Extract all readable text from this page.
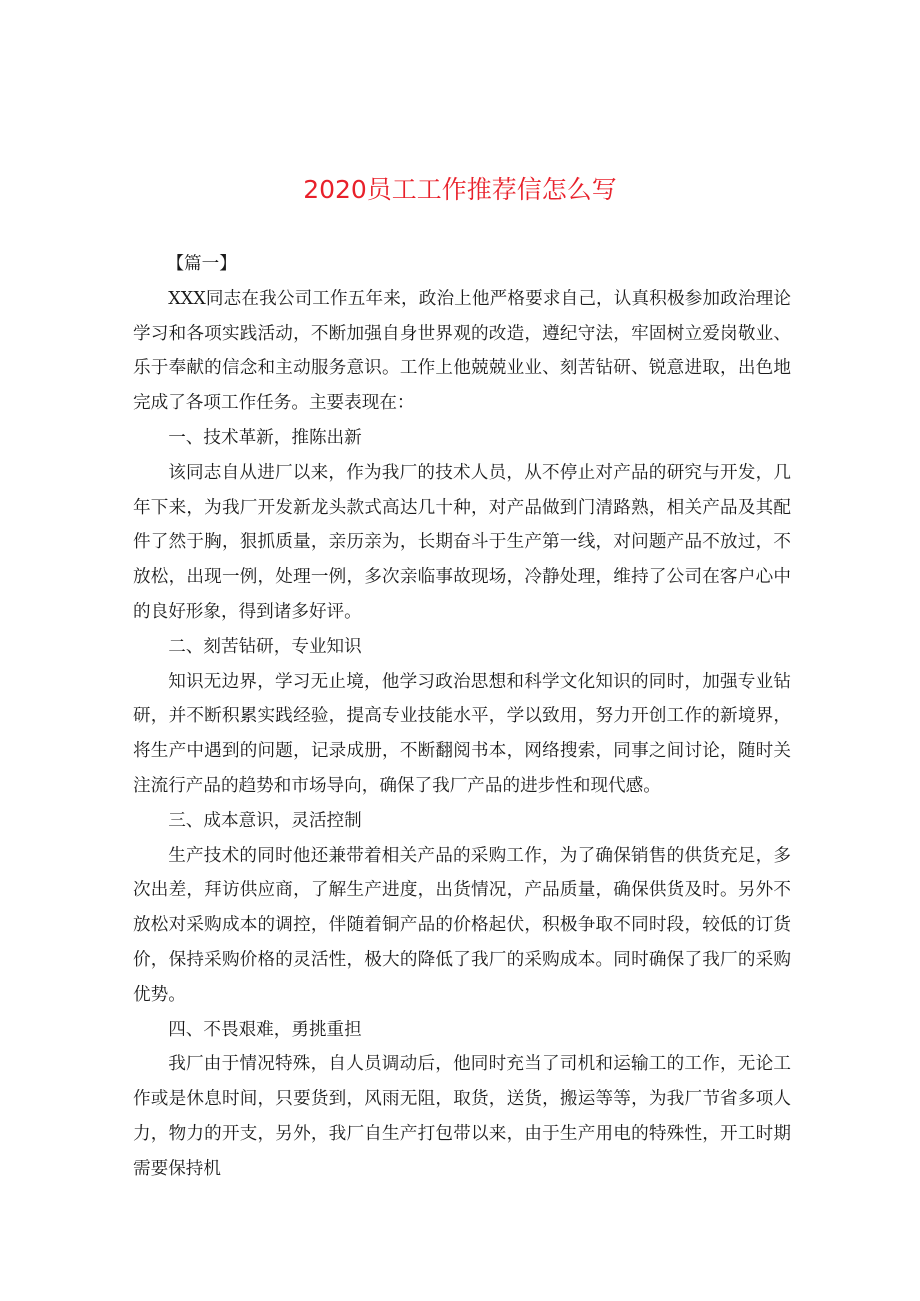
2020员工工作推荐信怎么写

【篇一】

XXX同志在我公司工作五年来，政治上他严格要求自己，认真积极参加政治理论学习和各项实践活动，不断加强自身世界观的改造，遵纪守法，牢固树立爱岗敬业、乐于奉献的信念和主动服务意识。工作上他兢兢业业、刻苦钻研、锐意进取，出色地完成了各项工作任务。主要表现在：

一、技术革新，推陈出新

该同志自从进厂以来，作为我厂的技术人员，从不停止对产品的研究与开发，几年下来，为我厂开发新龙头款式高达几十种，对产品做到门清路熟，相关产品及其配件了然于胸，狠抓质量，亲历亲为，长期奋斗于生产第一线，对问题产品不放过，不放松，出现一例，处理一例，多次亲临事故现场，冷静处理，维持了公司在客户心中的良好形象，得到诸多好评。

二、刻苦钻研，专业知识

知识无边界，学习无止境，他学习政治思想和科学文化知识的同时，加强专业钻研，并不断积累实践经验，提高专业技能水平，学以致用，努力开创工作的新境界，将生产中遇到的问题，记录成册，不断翻阅书本，网络搜索，同事之间讨论，随时关注流行产品的趋势和市场导向，确保了我厂产品的进步性和现代感。

三、成本意识，灵活控制

生产技术的同时他还兼带着相关产品的采购工作，为了确保销售的供货充足，多次出差，拜访供应商，了解生产进度，出货情况，产品质量，确保供货及时。另外不放松对采购成本的调控，伴随着铜产品的价格起伏，积极争取不同时段，较低的订货价，保持采购价格的灵活性，极大的降低了我厂的采购成本。同时确保了我厂的采购优势。

四、不畏艰难，勇挑重担

我厂由于情况特殊，自人员调动后，他同时充当了司机和运输工的工作，无论工作或是休息时间，只要货到，风雨无阻，取货，送货，搬运等等，为我厂节省多项人力，物力的开支，另外，我厂自生产打包带以来，由于生产用电的特殊性，开工时期需要保持机
